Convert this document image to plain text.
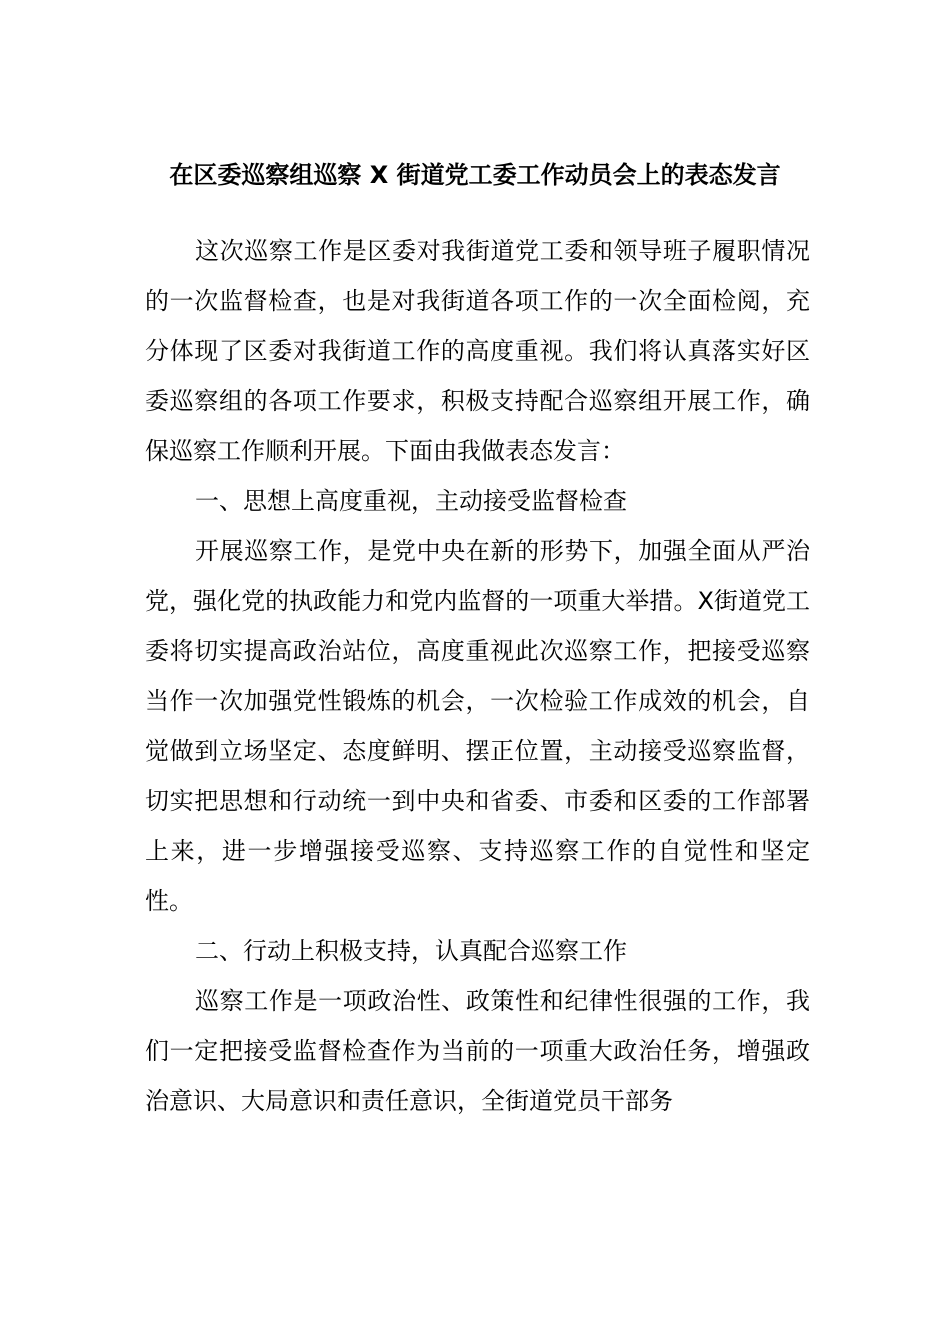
在区委巡察组巡察 X 街道党工委工作动员会上的表态发言

这次巡察工作是区委对我街道党工委和领导班子履职情况的一次监督检查，也是对我街道各项工作的一次全面检阅，充分体现了区委对我街道工作的高度重视。我们将认真落实好区委巡察组的各项工作要求，积极支持配合巡察组开展工作，确保巡察工作顺利开展。下面由我做表态发言：

一、思想上高度重视，主动接受监督检查

开展巡察工作，是党中央在新的形势下，加强全面从严治党，强化党的执政能力和党内监督的一项重大举措。X街道党工委将切实提高政治站位，高度重视此次巡察工作，把接受巡察当作一次加强党性锻炼的机会，一次检验工作成效的机会，自觉做到立场坚定、态度鲜明、摆正位置，主动接受巡察监督，切实把思想和行动统一到中央和省委、市委和区委的工作部署上来，进一步增强接受巡察、支持巡察工作的自觉性和坚定性。

二、行动上积极支持，认真配合巡察工作

巡察工作是一项政治性、政策性和纪律性很强的工作，我们一定把接受监督检查作为当前的一项重大政治任务，增强政治意识、大局意识和责任意识，全街道党员干部务
